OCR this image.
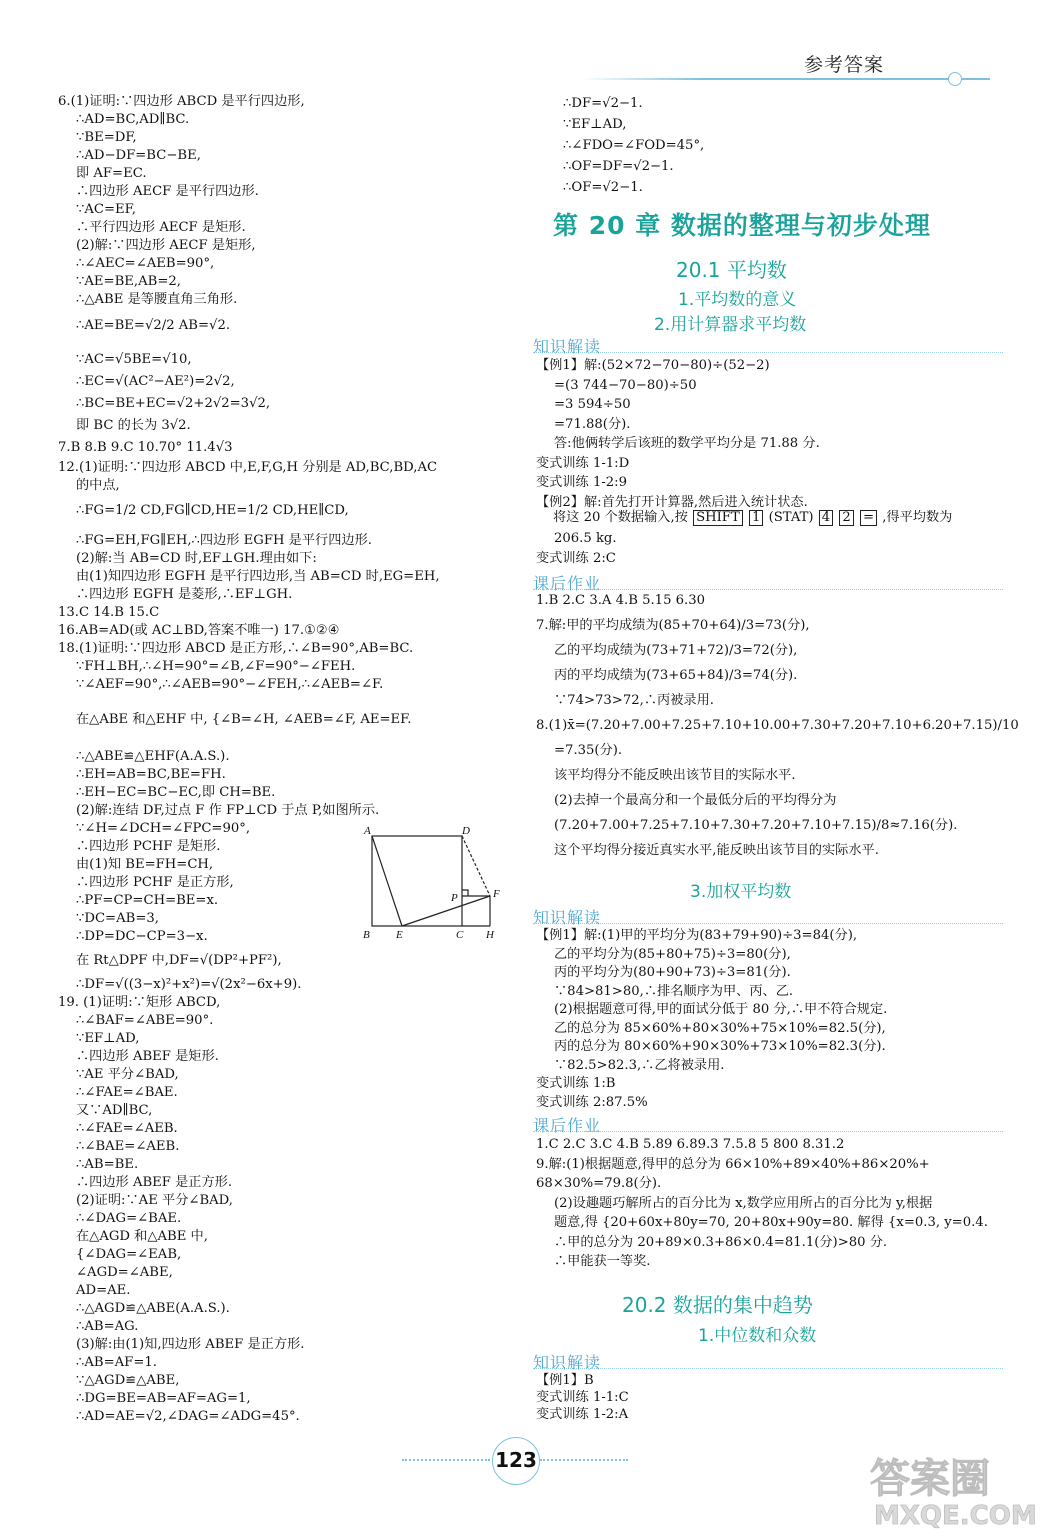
参考答案
6.(1)证明:∵四边形 ABCD 是平行四边形,
∴AD=BC,AD∥BC.
∵BE=DF,
∴AD−DF=BC−BE,
即 AF=EC.
∴四边形 AECF 是平行四边形.
∵AC=EF,
∴平行四边形 AECF 是矩形.
(2)解:∵四边形 AECF 是矩形,
∴∠AEC=∠AEB=90°,
∵AE=BE,AB=2,
∴△ABE 是等腰直角三角形.
∴AE=BE=√2/2 AB=√2.
∵AC=√5BE=√10,
∴EC=√(AC²−AE²)=2√2,
∴BC=BE+EC=√2+2√2=3√2,
即 BC 的长为 3√2.
7.B 8.B 9.C 10.70° 11.4√3
12.(1)证明:∵四边形 ABCD 中,E,F,G,H 分别是 AD,BC,BD,AC
的中点,
∴FG=1/2 CD,FG∥CD,HE=1/2 CD,HE∥CD,
∴FG=EH,FG∥EH,∴四边形 EGFH 是平行四边形.
(2)解:当 AB=CD 时,EF⊥GH.理由如下:
由(1)知四边形 EGFH 是平行四边形,当 AB=CD 时,EG=EH,
∴四边形 EGFH 是菱形,∴EF⊥GH.
13.C 14.B 15.C
16.AB=AD(或 AC⊥BD,答案不唯一) 17.①②④
18.(1)证明:∵四边形 ABCD 是正方形,∴∠B=90°,AB=BC.
∵FH⊥BH,∴∠H=90°=∠B,∠F=90°−∠FEH.
∵∠AEF=90°,∴∠AEB=90°−∠FEH,∴∠AEB=∠F.
在△ABE 和△EHF 中, {∠B=∠H, ∠AEB=∠F, AE=EF.
∴△ABE≌△EHF(A.A.S.).
∴EH=AB=BC,BE=FH.
∴EH−EC=BC−EC,即 CH=BE.
(2)解:连结 DF,过点 F 作 FP⊥CD 于点 P,如图所示.
∵∠H=∠DCH=∠FPC=90°,
∴四边形 PCHF 是矩形.
由(1)知 BE=FH=CH,
∴四边形 PCHF 是正方形,
∴PF=CP=CH=BE=x.
∵DC=AB=3,
∴DP=DC−CP=3−x.
在 Rt△DPF 中,DF=√(DP²+PF²),
∴DF=√((3−x)²+x²)=√(2x²−6x+9).
19. (1)证明:∵矩形 ABCD,
∴∠BAF=∠ABE=90°.
∵EF⊥AD,
∴四边形 ABEF 是矩形.
∵AE 平分∠BAD,
∴∠FAE=∠BAE.
又∵AD∥BC,
∴∠FAE=∠AEB.
∴∠BAE=∠AEB.
∴AB=BE.
∴四边形 ABEF 是正方形.
(2)证明:∵AE 平分∠BAD,
∴∠DAG=∠BAE.
在△AGD 和△ABE 中,
{∠DAG=∠EAB,
∠AGD=∠ABE,
AD=AE.
∴△AGD≌△ABE(A.A.S.).
∴AB=AG.
(3)解:由(1)知,四边形 ABEF 是正方形.
∴AB=AF=1.
∵△AGD≌△ABE,
∴DG=BE=AB=AF=AG=1,
∴AD=AE=√2,∠DAG=∠ADG=45°.
A	D
P	F
B E	C H
∴DF=√2−1.
∵EF⊥AD,
∴∠FDO=∠FOD=45°,
∴OF=DF=√2−1.
∴OF=√2−1.
【例1】解:(52×72−70−80)÷(52−2)
=(3 744−70−80)÷50
=3 594÷50
=71.88(分).
答:他俩转学后该班的数学平均分是 71.88 分.
变式训练 1-1:D
变式训练 1-2:9
【例2】解:首先打开计算器,然后进入统计状态.
206.5 kg.
变式训练 2:C
1.B 2.C 3.A 4.B 5.15 6.30
7.解:甲的平均成绩为(85+70+64)/3=73(分),
乙的平均成绩为(73+71+72)/3=72(分),
丙的平均成绩为(73+65+84)/3=74(分).
∵74>73>72,∴丙被录用.
8.(1)x̄=(7.20+7.00+7.25+7.10+10.00+7.30+7.20+7.10+6.20+7.15)/10
=7.35(分).
该平均得分不能反映出该节目的实际水平.
(2)去掉一个最高分和一个最低分后的平均得分为
(7.20+7.00+7.25+7.10+7.30+7.20+7.10+7.15)/8≈7.16(分).
这个平均得分接近真实水平,能反映出该节目的实际水平.
【例1】解:(1)甲的平均分为(83+79+90)÷3=84(分),
乙的平均分为(85+80+75)÷3=80(分),
丙的平均分为(80+90+73)÷3=81(分).
∵84>81>80,∴排名顺序为甲、丙、乙.
(2)根据题意可得,甲的面试分低于 80 分,∴甲不符合规定.
乙的总分为 85×60%+80×30%+75×10%=82.5(分),
丙的总分为 80×60%+90×30%+73×10%=82.3(分).
∵82.5>82.3,∴乙将被录用.
变式训练 1:B
变式训练 2:87.5%
1.C 2.C 3.C 4.B 5.89 6.89.3 7.5.8 5 800 8.31.2
9.解:(1)根据题意,得甲的总分为 66×10%+89×40%+86×20%+
68×30%=79.8(分).
(2)设趣题巧解所占的百分比为 x,数学应用所占的百分比为 y,根据
题意,得 {20+60x+80y=70, 20+80x+90y=80. 解得 {x=0.3, y=0.4.
∴甲的总分为 20+89×0.3+86×0.4=81.1(分)>80 分.
∴甲能获一等奖.
【例1】B
变式训练 1-1:C
变式训练 1-2:A
第 20 章 数据的整理与初步处理
20.1 平均数
1.平均数的意义
2.用计算器求平均数
知识解读
课后作业
将这 20 个数据输入,按 SHIFT 1 (STAT) 4 2 = ,得平均数为
3.加权平均数
知识解读
课后作业
20.2 数据的集中趋势
1.中位数和众数
知识解读
123	答案圈
MXQE.COM
